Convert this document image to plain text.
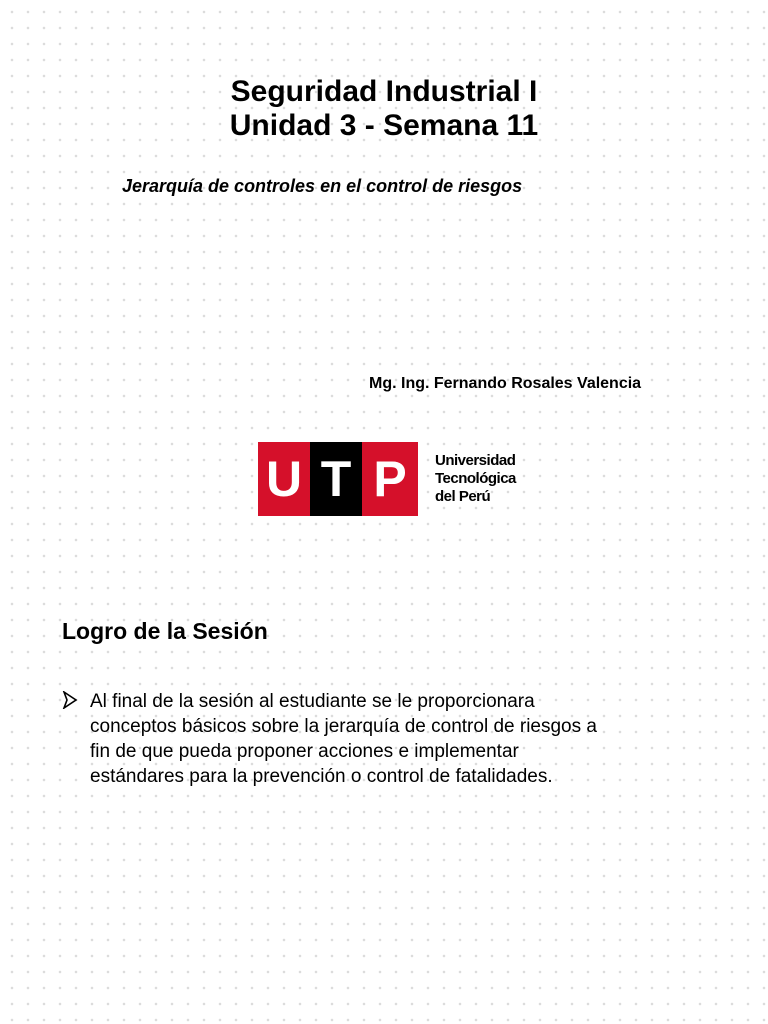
Seguridad Industrial I
Unidad 3 - Semana 11
Jerarquía de controles en el control de riesgos
Mg. Ing. Fernando Rosales Valencia
U T P	Universidad
Tecnológica
del Perú
Logro de la Sesión
Al final de la sesión al estudiante se le proporcionara
conceptos básicos sobre la jerarquía de control de riesgos a
fin de que pueda proponer acciones e implementar
estándares para la prevención o control de fatalidades.
